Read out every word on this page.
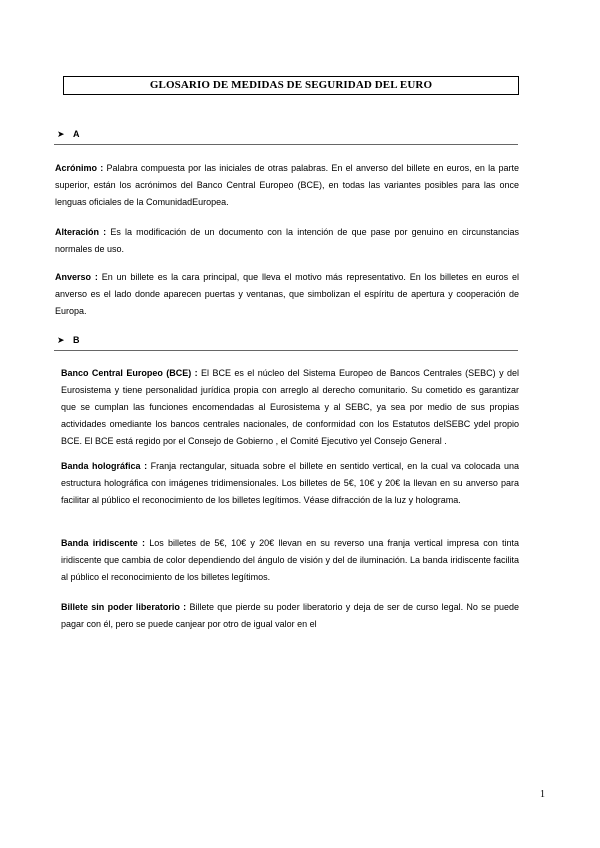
GLOSARIO DE MEDIDAS DE SEGURIDAD DEL EURO
➤ A
Acrónimo : Palabra compuesta por las iniciales de otras palabras. En el anverso del billete en euros, en la parte superior, están los acrónimos del Banco Central Europeo (BCE), en todas las variantes posibles para las once lenguas oficiales de la ComunidadEuropea.
Alteración : Es la modificación de un documento con la intención de que pase por genuino en circunstancias normales de uso.
Anverso : En un billete es la cara principal, que lleva el motivo más representativo. En los billetes en euros el anverso es el lado donde aparecen puertas y ventanas, que simbolizan el espíritu de apertura y cooperación de Europa.
➤ B
Banco Central Europeo (BCE) : El BCE es el núcleo del Sistema Europeo de Bancos Centrales (SEBC) y del Eurosistema y tiene personalidad jurídica propia con arreglo al derecho comunitario. Su cometido es garantizar que se cumplan las funciones encomendadas al Eurosistema y al SEBC, ya sea por medio de sus propias actividades omediante los bancos centrales nacionales, de conformidad con los Estatutos delSEBC ydel propio BCE. El BCE está regido por el Consejo de Gobierno , el Comité Ejecutivo yel Consejo General .
Banda holográfica : Franja rectangular, situada sobre el billete en sentido vertical, en la cual va colocada una estructura holográfica con imágenes tridimensionales. Los billetes de 5€, 10€ y 20€ la llevan en su anverso para facilitar al público el reconocimiento de los billetes legítimos. Véase difracción de la luz y holograma.
Banda iridiscente : Los billetes de 5€, 10€ y 20€ llevan en su reverso una franja vertical impresa con tinta iridiscente que cambia de color dependiendo del ángulo de visión y del de iluminación. La banda iridiscente facilita al público el reconocimiento de los billetes legítimos.
Billete sin poder liberatorio : Billete que pierde su poder liberatorio y deja de ser de curso legal. No se puede pagar con él, pero se puede canjear por otro de igual valor en el
1
